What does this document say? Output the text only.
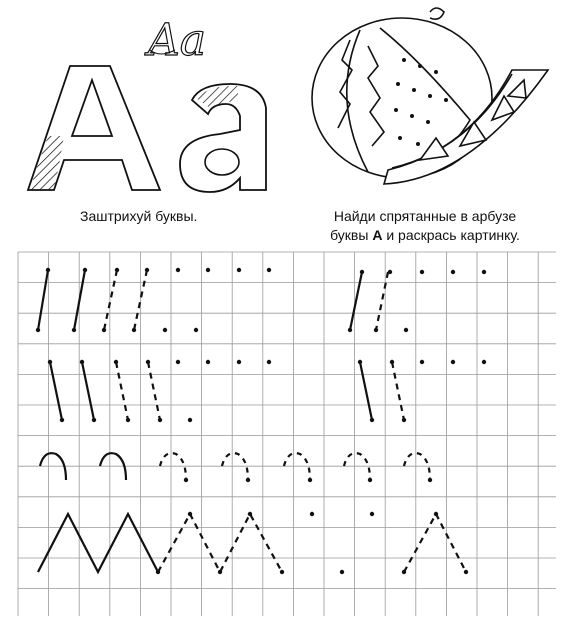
Aa
Заштрихуй буквы.	Найди спрятанные в арбузе
буквы А и раскрась картинку.
